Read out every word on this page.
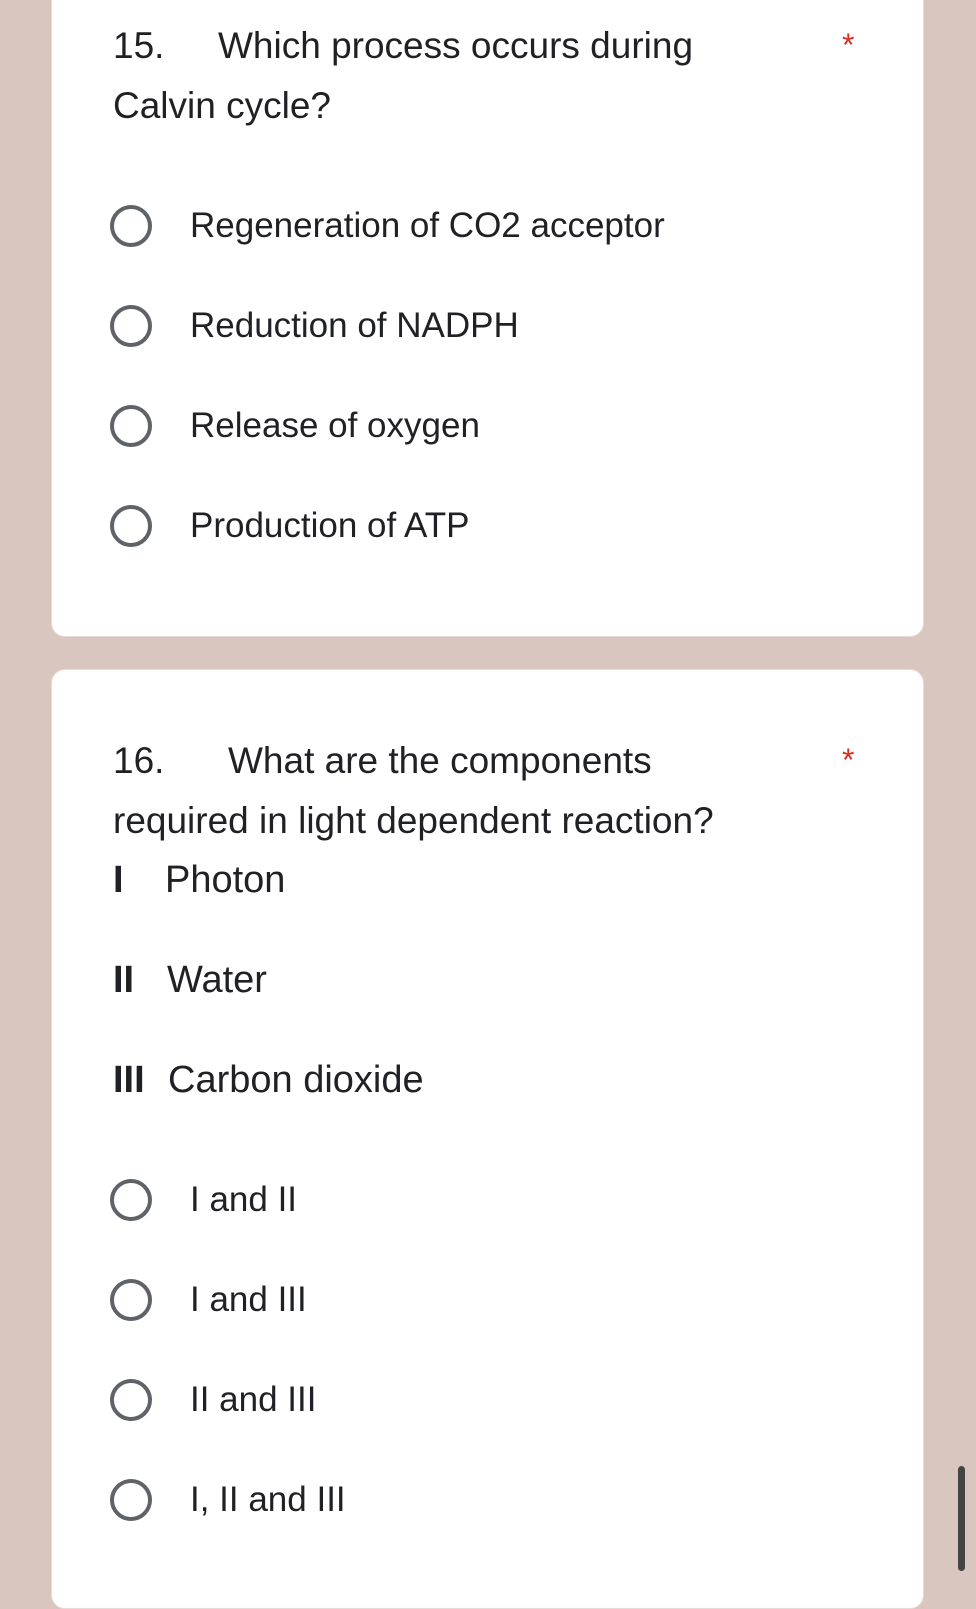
15. Which process occurs during	*
Calvin cycle?
Regeneration of CO2 acceptor
Reduction of NADPH
Release of oxygen
Production of ATP
16. What are the components	*
required in light dependent reaction?
I Photon
II Water
III Carbon dioxide
I and II
I and III
II and III
I, II and III
